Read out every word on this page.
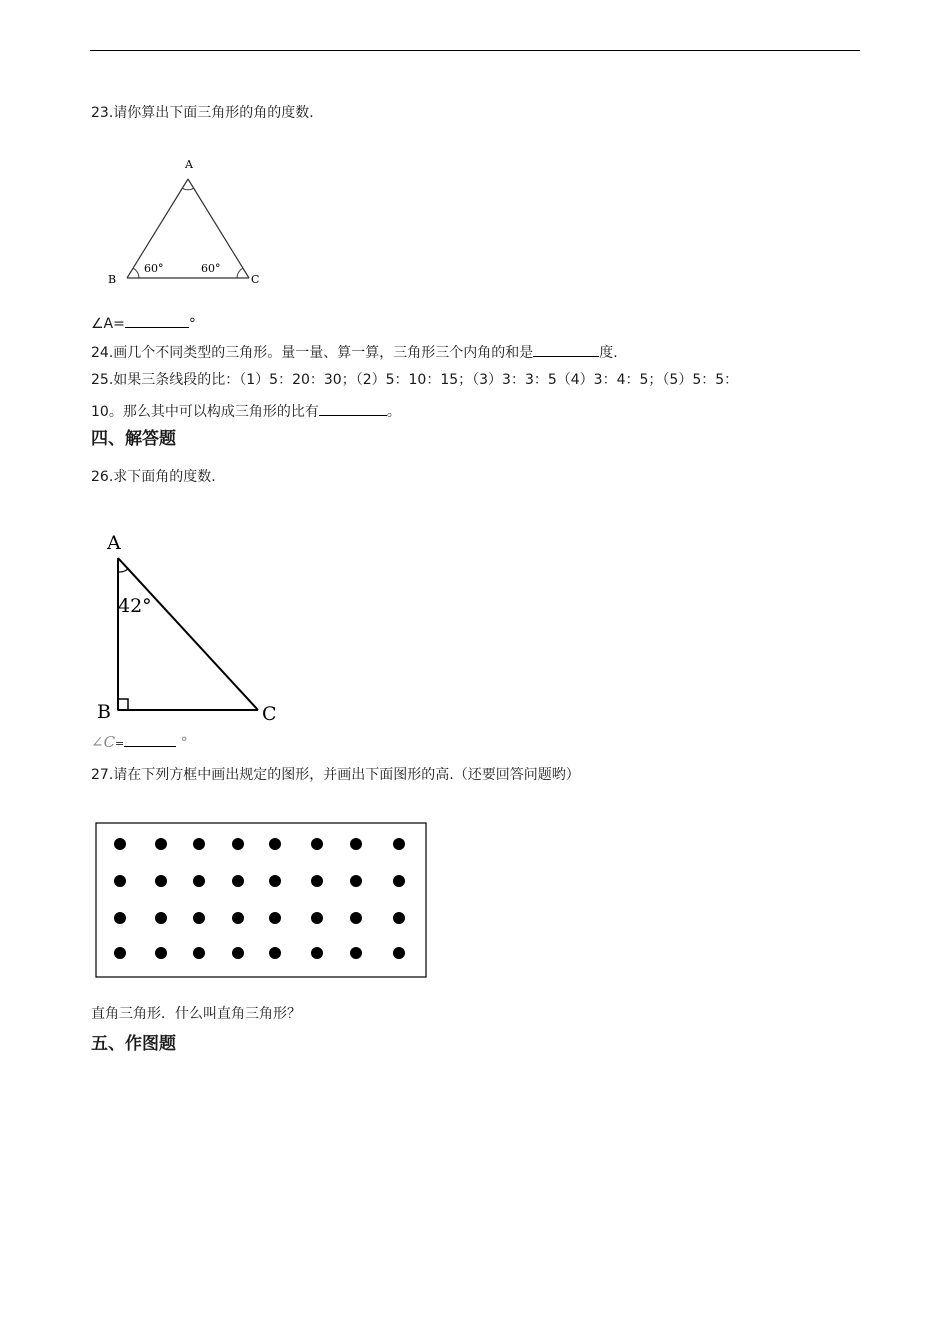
23.请你算出下面三角形的角的度数.
A
B	C
60°	60°
∠A=	°
24.画几个不同类型的三角形。量一量、算一算，三角形三个内角的和是	度.
25.如果三条线段的比：（1）5：20：30；（2）5：10：15；（3）3：3：5（4）3：4：5；（5）5：5：
10。那么其中可以构成三角形的比有	。
四、解答题
26.求下面角的度数.
A
B	C
42°
∠C=	°
27.请在下列方框中画出规定的图形，并画出下面图形的高.（还要回答问题哟）
直角三角形．什么叫直角三角形？
五、作图题
